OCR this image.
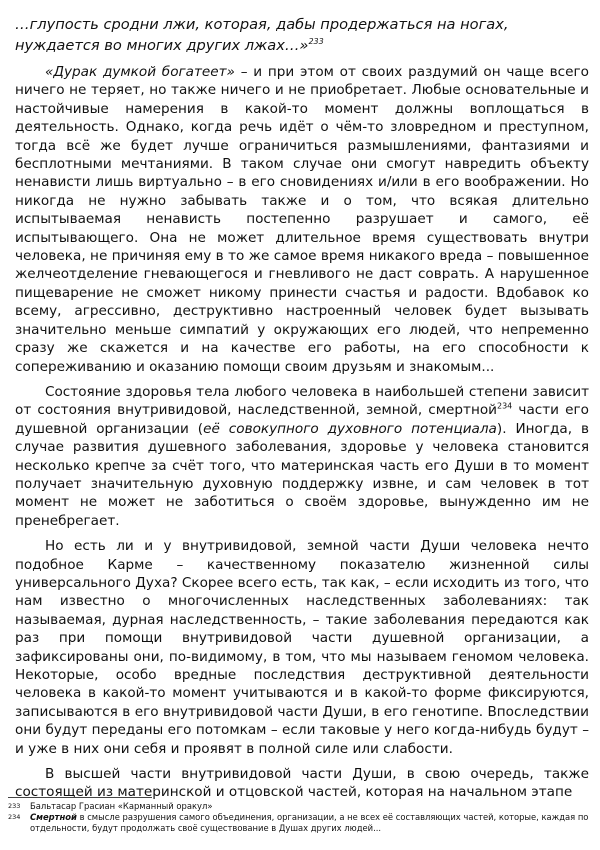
…глупость сродни лжи, которая, дабы продержаться на ногах,
нуждается во многих других лжах…»$^{233}$

«Дурак думкой богатеет» – и при этом от своих раздумий он чаще всего ничего не теряет, но также ничего и не приобретает. Любые основательные и настойчивые намерения в какой-то момент должны воплощаться в деятельность. Однако, когда речь идёт о чём-то зловредном и преступном, тогда всё же будет лучше ограничиться размышлениями, фантазиями и бесплотными мечтаниями. В таком случае они смогут навредить объекту ненависти лишь виртуально – в его сновидениях и/или в его воображении. Но никогда не нужно забывать также и о том, что всякая длительно испытываемая ненависть постепенно разрушает и самого, её испытывающего. Она не может длительное время существовать внутри человека, не причиняя ему в то же самое время никакого вреда – повышенное желчеотделение гневающегося и гневливого не даст соврать. А нарушенное пищеварение не сможет никому принести счастья и радости. Вдобавок ко всему, агрессивно, деструктивно настроенный человек будет вызывать значительно меньше симпатий у окружающих его людей, что непременно сразу же скажется и на качестве его работы, на его способности к сопереживанию и оказанию помощи своим друзьям и знакомым...

Состояние здоровья тела любого человека в наибольшей степени зависит от состояния внутривидовой, наследственной, земной, смертной$^{234}$ части его душевной организации (её совокупного духовного потенциала). Иногда, в случае развития душевного заболевания, здоровье у человека становится несколько крепче за счёт того, что материнская часть его Души в то момент получает значительную духовную поддержку извне, и сам человек в тот момент не может не заботиться о своём здоровье, вынужденно им не пренебрегает.

Но есть ли и у внутривидовой, земной части Души человека нечто подобное Карме – качественному показателю жизненной силы универсального Духа? Скорее всего есть, так как, – если исходить из того, что нам известно о многочисленных наследственных заболеваниях: так называемая, дурная наследственность, – такие заболевания передаются как раз при помощи внутривидовой части душевной организации, а зафиксированы они, по-видимому, в том, что мы называем геномом человека. Некоторые, особо вредные последствия деструктивной деятельности человека в какой-то момент учитываются и в какой-то форме фиксируются, записываются в его внутривидовой части Души, в его генотипе. Впоследствии они будут переданы его потомкам – если таковые у него когда-нибудь будут – и уже в них они себя и проявят в полной силе или слабости.

В высшей части внутривидовой части Души, в свою очередь, также состоящей из материнской и отцовской частей, которая на начальном этапе

233	Бальтасар Грасиан «Карманный оракул»

234	Смертной в смысле разрушения самого объединения, организации, а не всех её составляющих частей, которые, каждая по отдельности, будут продолжать своё существование в Душах других людей...
